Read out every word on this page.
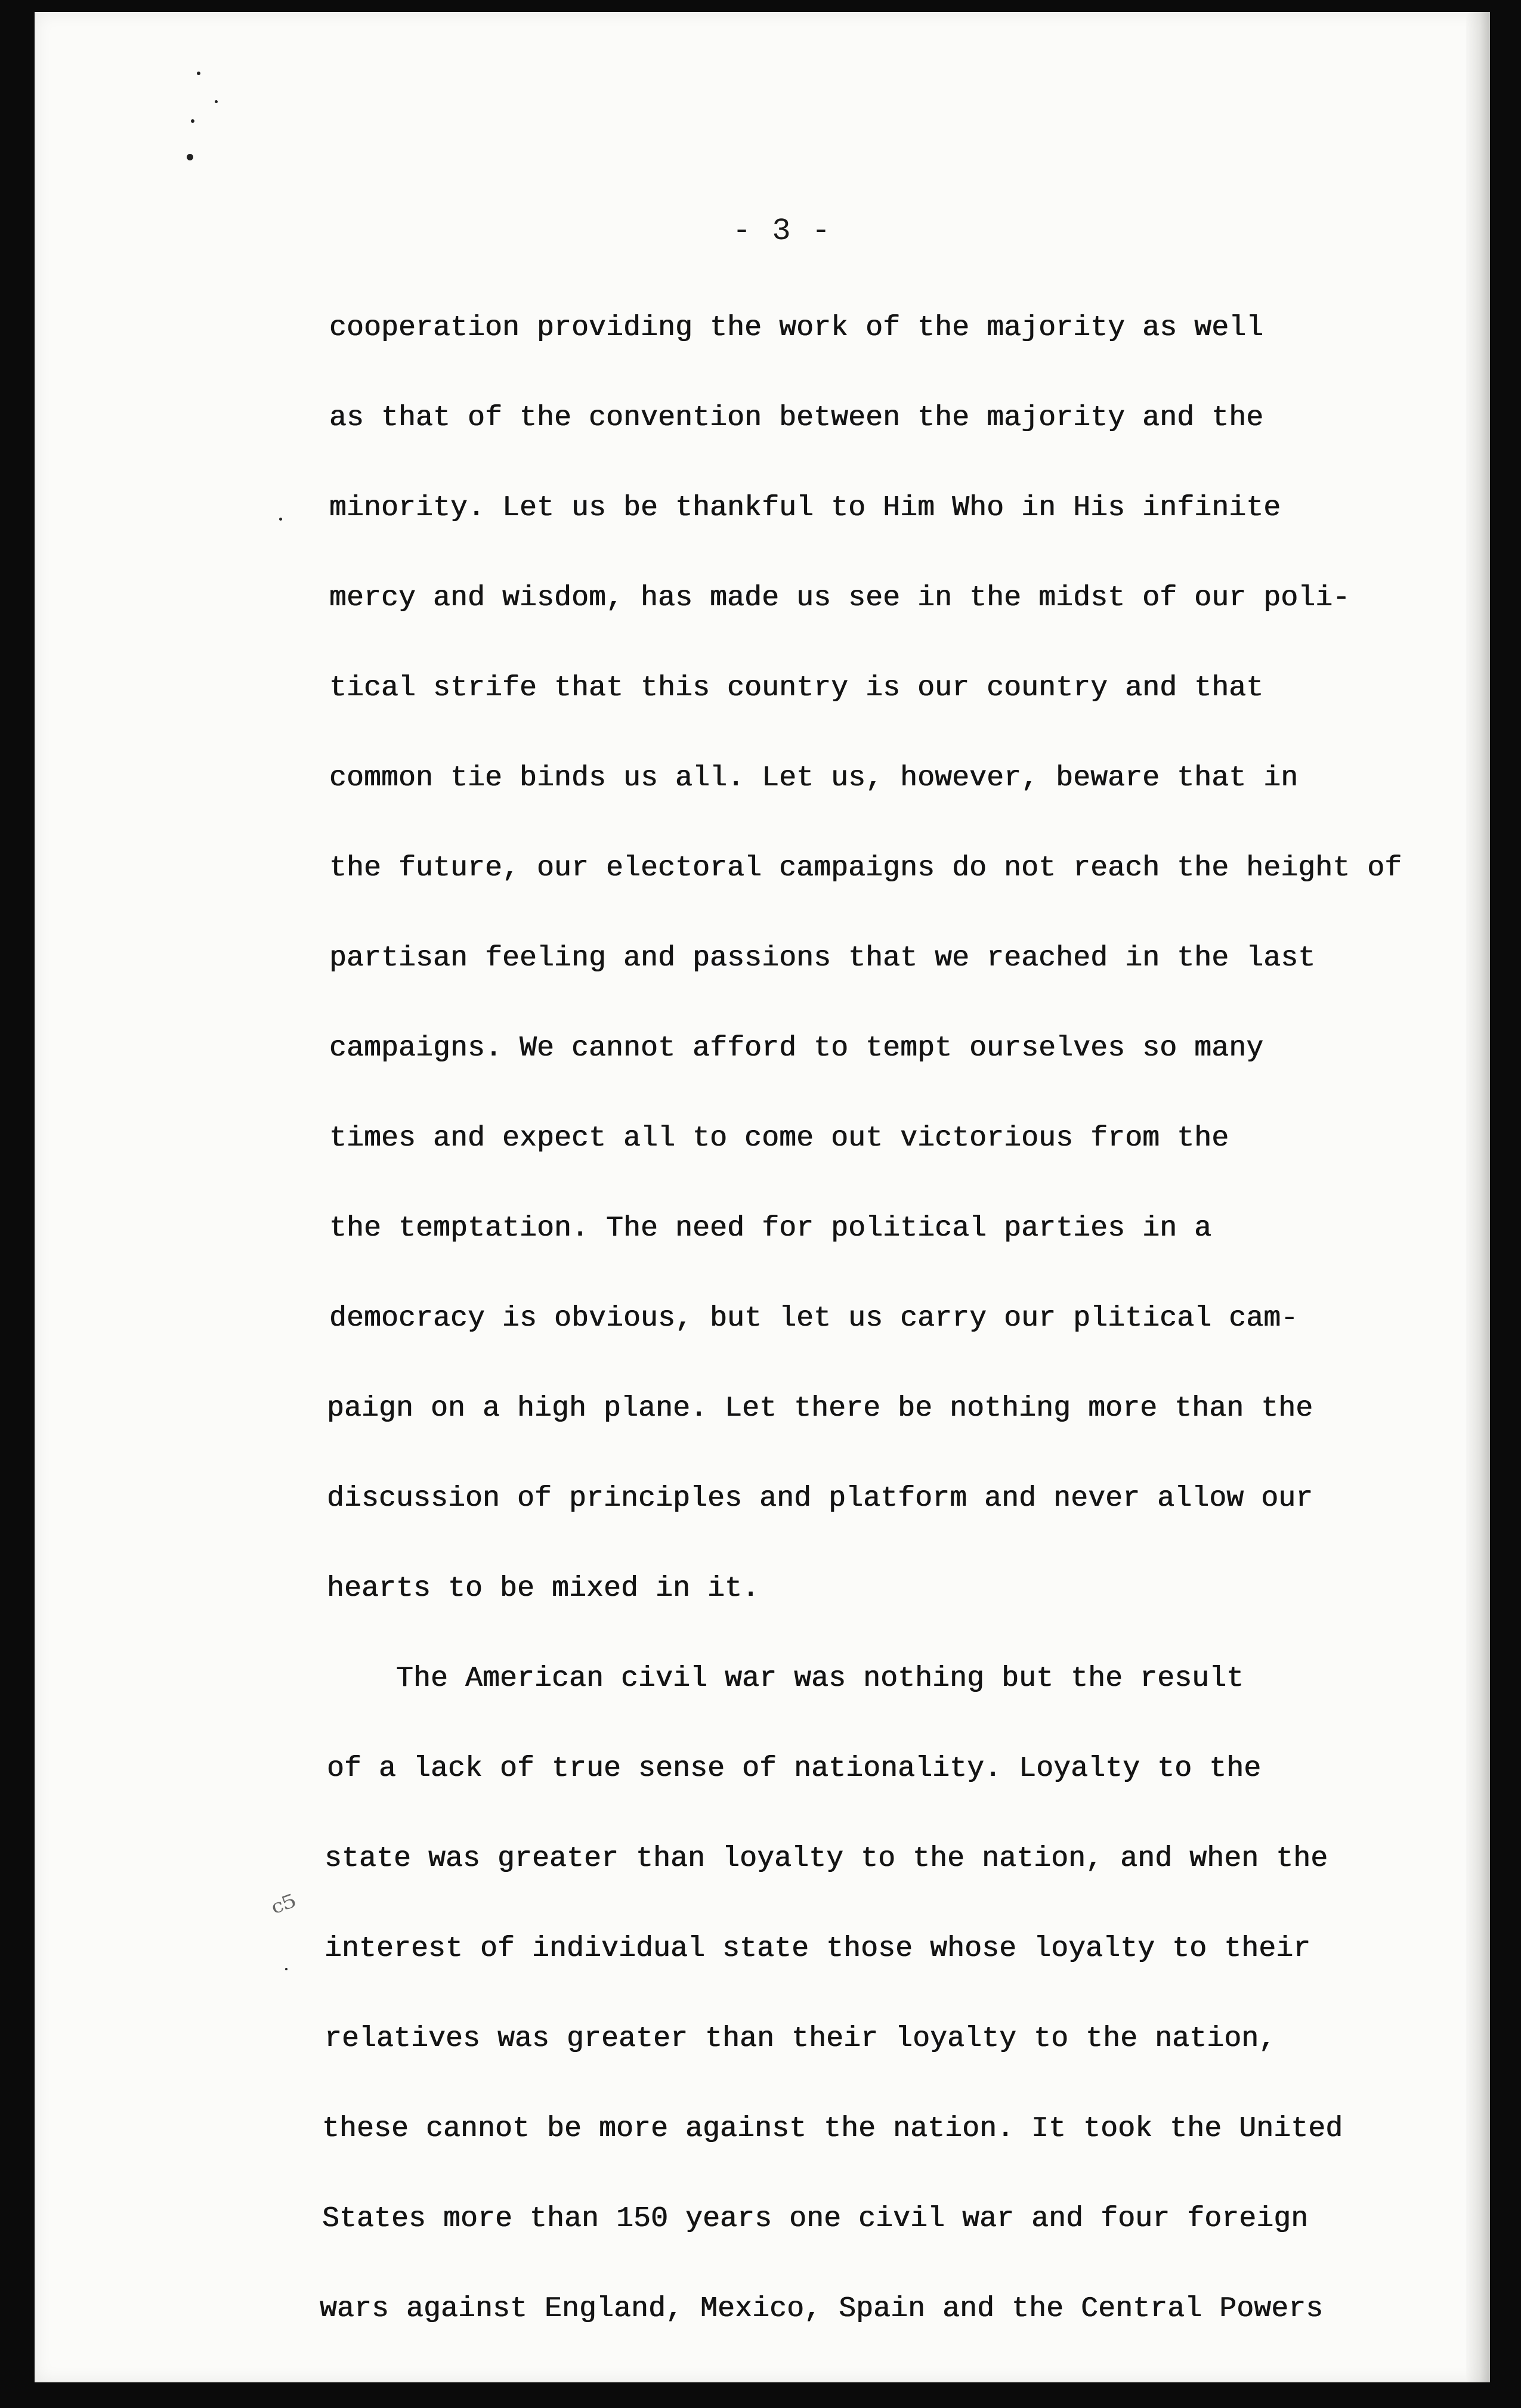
- 3 -
ᶜ⁵
cooperation providing the work of the majority as well
as that of the convention between the majority and the
minority. Let us be thankful to Him Who in His infinite
mercy and wisdom, has made us see in the midst of our poli-
tical strife that this country is our country and that
common tie binds us all. Let us, however, beware that in
the future, our electoral campaigns do not reach the height of
partisan feeling and passions that we reached in the last
campaigns. We cannot afford to tempt ourselves so many
times and expect all to come out victorious from the
the temptation. The need for political parties in a
democracy is obvious, but let us carry our plitical cam-
paign on a high plane. Let there be nothing more than the
discussion of principles and platform and never allow our
hearts to be mixed in it.
The American civil war was nothing but the result
of a lack of true sense of nationality. Loyalty to the
state was greater than loyalty to the nation, and when the
interest of individual state those whose loyalty to their
relatives was greater than their loyalty to the nation,
these cannot be more against the nation. It took the United
States more than 150 years one civil war and four foreign
wars against England, Mexico, Spain and the Central Powers
